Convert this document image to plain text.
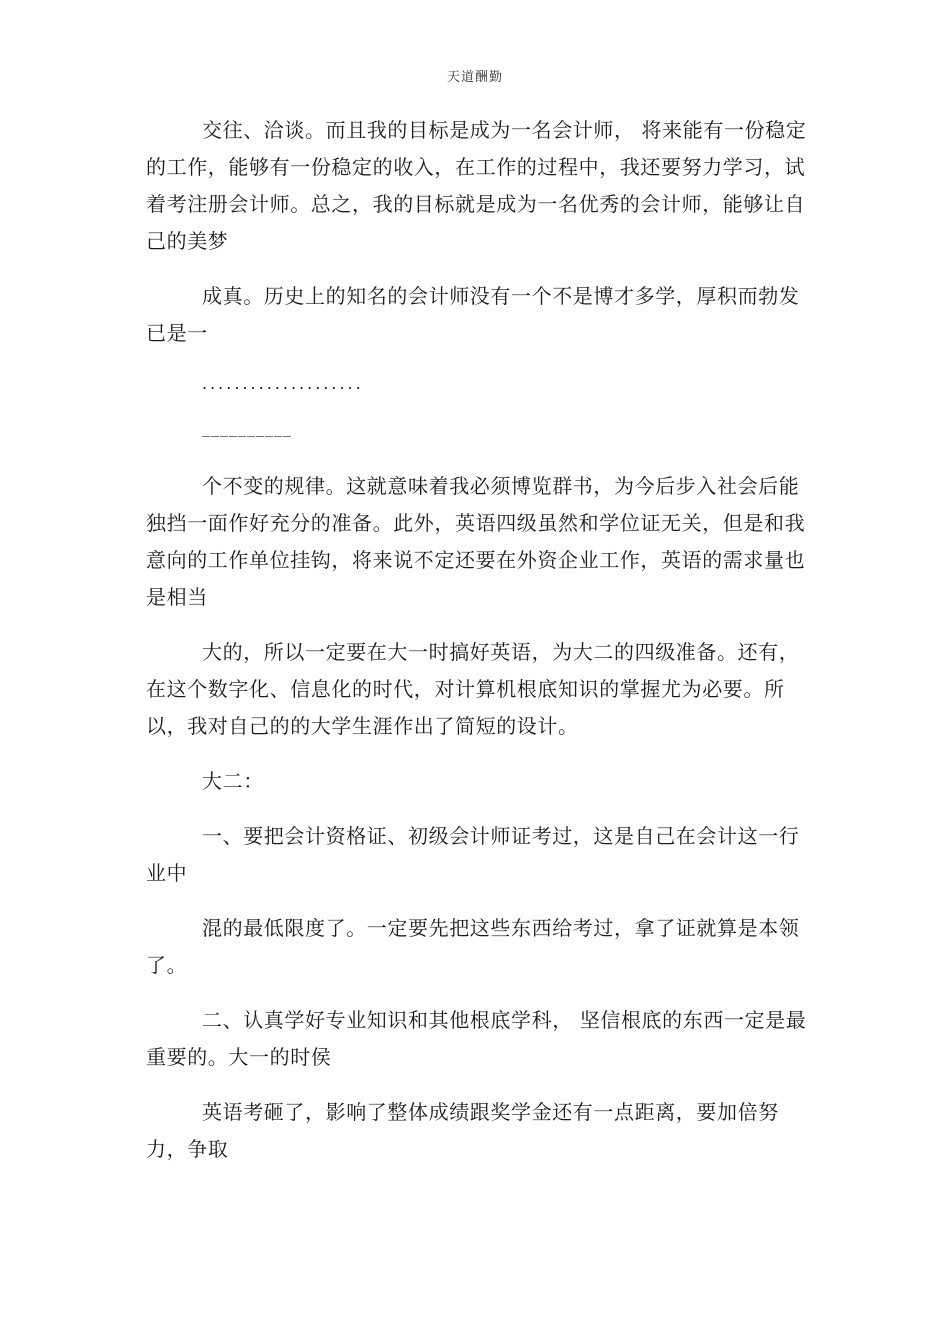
天道酬勤

交往、洽谈。而且我的目标是成为一名会计师， 将来能有一份稳定的工作，能够有一份稳定的收入，在工作的过程中，我还要努力学习，试着考注册会计师。总之，我的目标就是成为一名优秀的会计师，能够让自己的美梦

成真。历史上的知名的会计师没有一个不是博才多学，厚积而勃发已是一

....................
__________

个不变的规律。这就意味着我必须博览群书，为今后步入社会后能独挡一面作好充分的准备。此外，英语四级虽然和学位证无关，但是和我意向的工作单位挂钩，将来说不定还要在外资企业工作，英语的需求量也是相当

大的，所以一定要在大一时搞好英语，为大二的四级准备。还有，在这个数字化、信息化的时代，对计算机根底知识的掌握尤为必要。所以，我对自己的的大学生涯作出了简短的设计。

大二：

一、要把会计资格证、初级会计师证考过，这是自己在会计这一行业中

混的最低限度了。一定要先把这些东西给考过，拿了证就算是本领了。

二、认真学好专业知识和其他根底学科， 坚信根底的东西一定是最重要的。大一的时侯

英语考砸了，影响了整体成绩跟奖学金还有一点距离，要加倍努力，争取
